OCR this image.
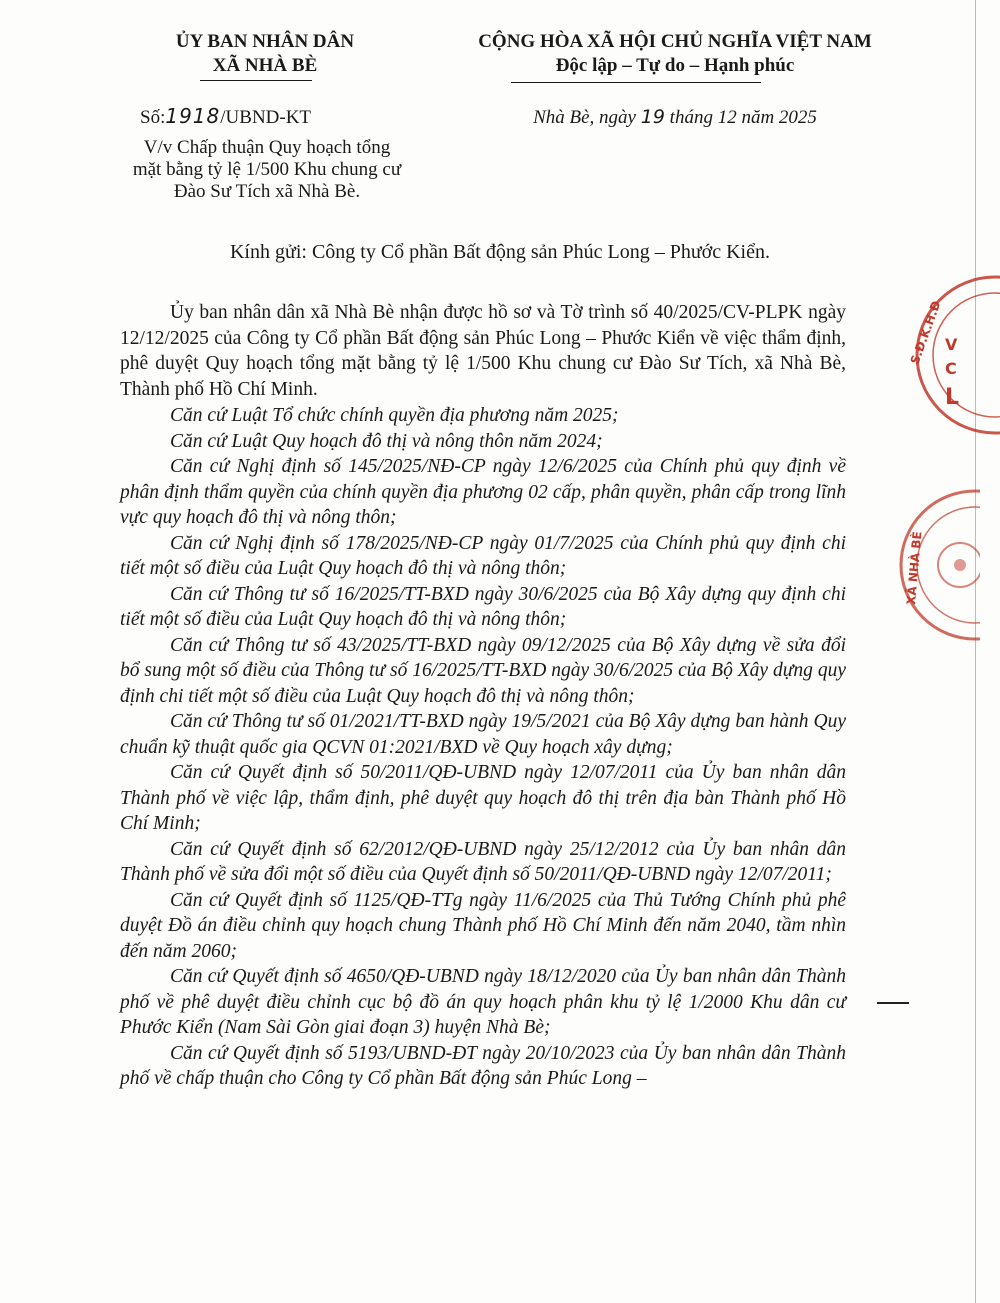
ỦY BAN NHÂN DÂN
XÃ NHÀ BÈ
CỘNG HÒA XÃ HỘI CHỦ NGHĨA VIỆT NAM
Độc lập – Tự do – Hạnh phúc
Số:1918/UBND-KT	Nhà Bè, ngày 19 tháng 12 năm 2025
V/v Chấp thuận Quy hoạch tổng
mặt bằng tỷ lệ 1/500 Khu chung cư
Đào Sư Tích xã Nhà Bè.
Kính gửi: Công ty Cổ phần Bất động sản Phúc Long – Phước Kiển.

Ủy ban nhân dân xã Nhà Bè nhận được hồ sơ và Tờ trình số 40/2025/CV-PLPK ngày 12/12/2025 của Công ty Cổ phần Bất động sản Phúc Long – Phước Kiển về việc thẩm định, phê duyệt Quy hoạch tổng mặt bằng tỷ lệ 1/500 Khu chung cư Đào Sư Tích, xã Nhà Bè, Thành phố Hồ Chí Minh.

Căn cứ Luật Tổ chức chính quyền địa phương năm 2025;

Căn cứ Luật Quy hoạch đô thị và nông thôn năm 2024;

Căn cứ Nghị định số 145/2025/NĐ-CP ngày 12/6/2025 của Chính phủ quy định về phân định thẩm quyền của chính quyền địa phương 02 cấp, phân quyền, phân cấp trong lĩnh vực quy hoạch đô thị và nông thôn;

Căn cứ Nghị định số 178/2025/NĐ-CP ngày 01/7/2025 của Chính phủ quy định chi tiết một số điều của Luật Quy hoạch đô thị và nông thôn;

Căn cứ Thông tư số 16/2025/TT-BXD ngày 30/6/2025 của Bộ Xây dựng quy định chi tiết một số điều của Luật Quy hoạch đô thị và nông thôn;

Căn cứ Thông tư số 43/2025/TT-BXD ngày 09/12/2025 của Bộ Xây dựng về sửa đổi bổ sung một số điều của Thông tư số 16/2025/TT-BXD ngày 30/6/2025 của Bộ Xây dựng quy định chi tiết một số điều của Luật Quy hoạch đô thị và nông thôn;

Căn cứ Thông tư số 01/2021/TT-BXD ngày 19/5/2021 của Bộ Xây dựng ban hành Quy chuẩn kỹ thuật quốc gia QCVN 01:2021/BXD về Quy hoạch xây dựng;

Căn cứ Quyết định số 50/2011/QĐ-UBND ngày 12/07/2011 của Ủy ban nhân dân Thành phố về việc lập, thẩm định, phê duyệt quy hoạch đô thị trên địa bàn Thành phố Hồ Chí Minh;

Căn cứ Quyết định số 62/2012/QĐ-UBND ngày 25/12/2012 của Ủy ban nhân dân Thành phố về sửa đổi một số điều của Quyết định số 50/2011/QĐ-UBND ngày 12/07/2011;

Căn cứ Quyết định số 1125/QĐ-TTg ngày 11/6/2025 của Thủ Tướng Chính phủ phê duyệt Đồ án điều chỉnh quy hoạch chung Thành phố Hồ Chí Minh đến năm 2040, tầm nhìn đến năm 2060;

Căn cứ Quyết định số 4650/QĐ-UBND ngày 18/12/2020 của Ủy ban nhân dân Thành phố về phê duyệt điều chỉnh cục bộ đồ án quy hoạch phân khu tỷ lệ 1/2000 Khu dân cư Phước Kiển (Nam Sài Gòn giai đoạn 3) huyện Nhà Bè;

Căn cứ Quyết định số 5193/UBND-ĐT ngày 20/10/2023 của Ủy ban nhân dân Thành phố về chấp thuận cho Công ty Cổ phần Bất động sản Phúc Long –

S.Đ.K.H.Đ V
C
L
XÃ NHÀ BÈ
